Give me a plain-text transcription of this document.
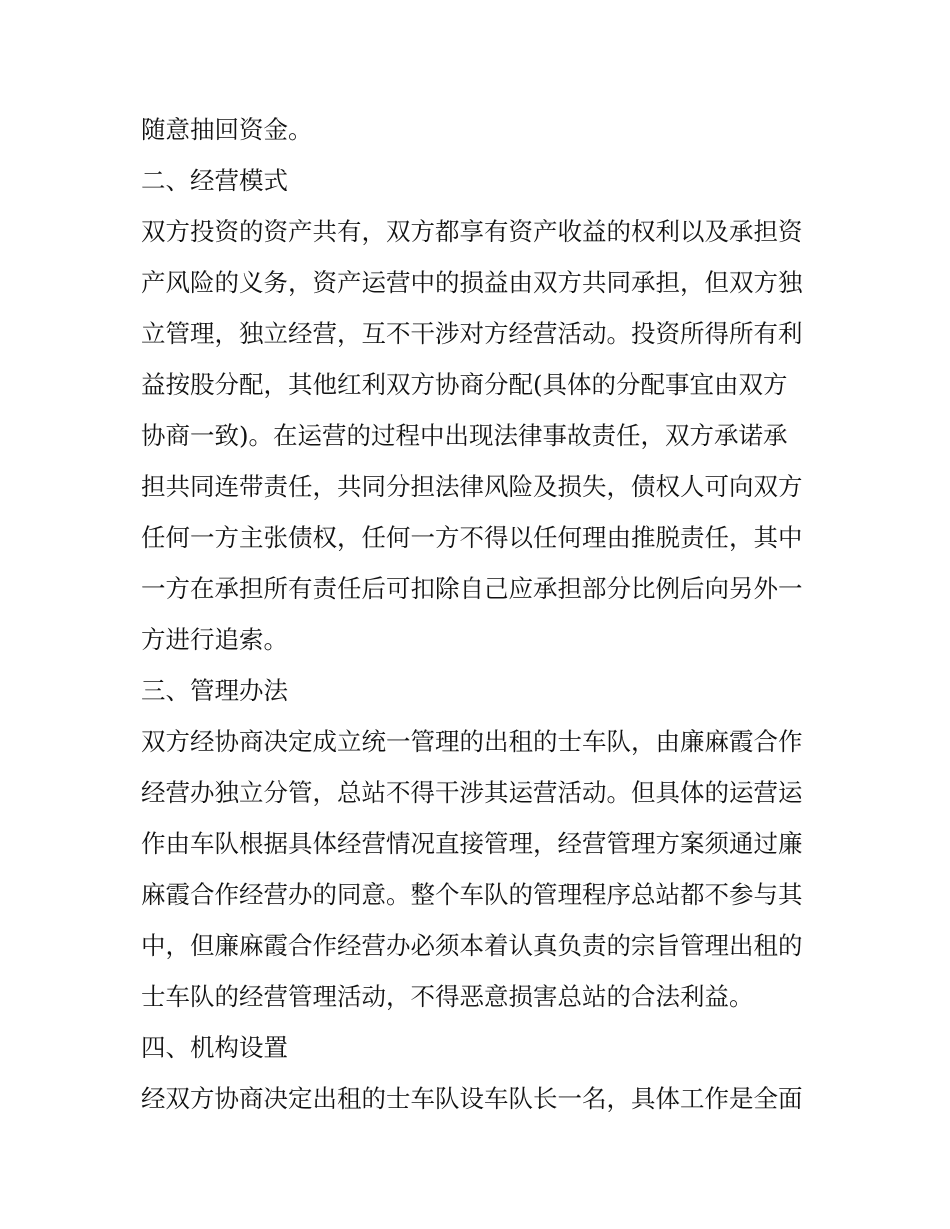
随意抽回资金。
二、经营模式
双方投资的资产共有，双方都享有资产收益的权利以及承担资
产风险的义务，资产运营中的损益由双方共同承担，但双方独
立管理，独立经营，互不干涉对方经营活动。投资所得所有利
益按股分配，其他红利双方协商分配(具体的分配事宜由双方
协商一致)。在运营的过程中出现法律事故责任，双方承诺承
担共同连带责任，共同分担法律风险及损失，债权人可向双方
任何一方主张债权，任何一方不得以任何理由推脱责任，其中
一方在承担所有责任后可扣除自己应承担部分比例后向另外一
方进行追索。
三、管理办法
双方经协商决定成立统一管理的出租的士车队，由廉麻霞合作
经营办独立分管，总站不得干涉其运营活动。但具体的运营运
作由车队根据具体经营情况直接管理，经营管理方案须通过廉
麻霞合作经营办的同意。整个车队的管理程序总站都不参与其
中，但廉麻霞合作经营办必须本着认真负责的宗旨管理出租的
士车队的经营管理活动，不得恶意损害总站的合法利益。
四、机构设置
经双方协商决定出租的士车队设车队长一名，具体工作是全面
